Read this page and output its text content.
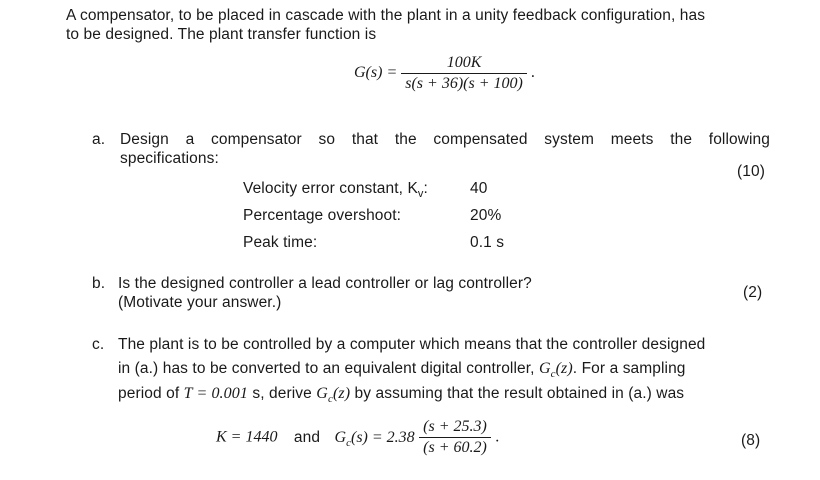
A compensator, to be placed in cascade with the plant in a unity feedback configuration, has
to be designed. The plant transfer function is
$G(s) = \frac{100K}{s(s + 36)(s + 100)}$ .
a. Design a compensator so that the compensated system meets the following
specifications:
(10)
Velocity error constant, $K_v$:	40
Percentage overshoot:	20%
Peak time:	0.1 s
b. Is the designed controller a lead controller or lag controller?
(Motivate your answer.)
(2)
c. The plant is to be controlled by a computer which means that the controller designed
in (a.) has to be converted to an equivalent digital controller, $G_c(z)$. For a sampling
period of T = 0.001 s, derive $G_c(z)$ by assuming that the result obtained in (a.) was
K = 1440 and $G_c(s) = 2.38 \frac{(s + 25.3)}{(s + 60.2)}$ .	(8)
